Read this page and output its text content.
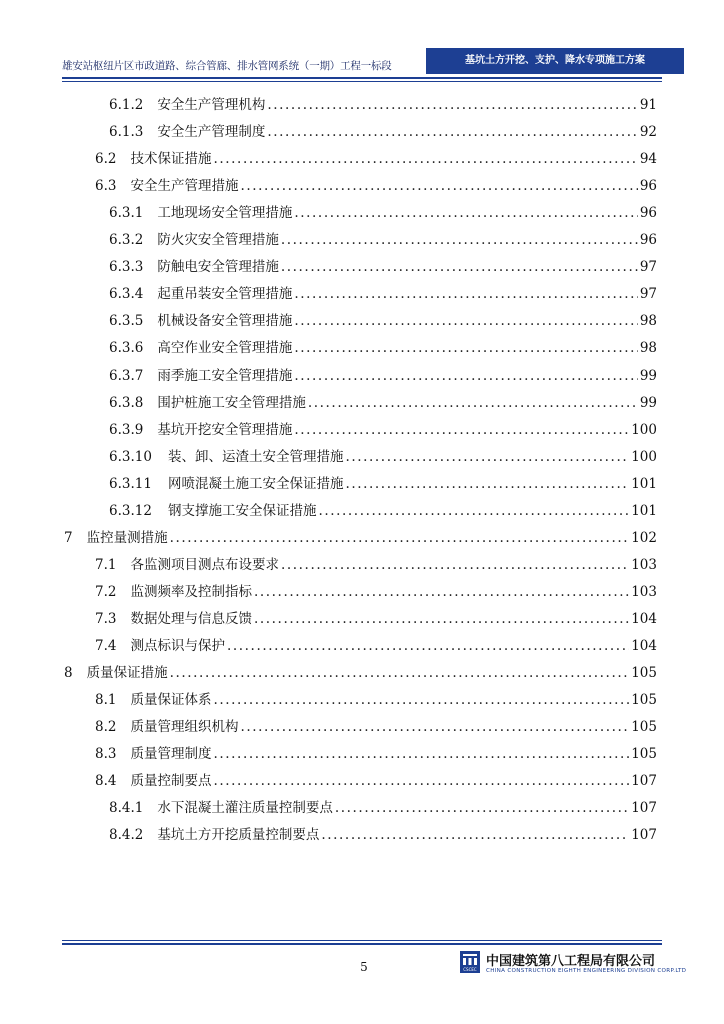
雄安站枢纽片区市政道路、综合管廊、排水管网系统（一期）工程一标段	基坑土方开挖、支护、降水专项施工方案
6.1.2 安全生产管理机构 .....	91
6.1.3 安全生产管理制度 .....	92
6.2 技术保证措施 .....	94
6.3 安全生产管理措施 .....	96
6.3.1 工地现场安全管理措施 .....	96
6.3.2 防火灾安全管理措施 .....	96
6.3.3 防触电安全管理措施 .....	97
6.3.4 起重吊装安全管理措施 .....	97
6.3.5 机械设备安全管理措施 .....	98
6.3.6 高空作业安全管理措施 .....	98
6.3.7 雨季施工安全管理措施 .....	99
6.3.8 围护桩施工安全管理措施 .....	99
6.3.9 基坑开挖安全管理措施 .....	100
6.3.10 装、卸、运渣土安全管理措施 .....	100
6.3.11 网喷混凝土施工安全保证措施 .....	101
6.3.12 钢支撑施工安全保证措施 .....	101
7 监控量测措施 .....	102
7.1 各监测项目测点布设要求 .....	103
7.2 监测频率及控制指标 .....	103
7.3 数据处理与信息反馈 .....	104
7.4 测点标识与保护 .....	104
8 质量保证措施 .....	105
8.1 质量保证体系 .....	105
8.2 质量管理组织机构 .....	105
8.3 质量管理制度 .....	105
8.4 质量控制要点 .....	107
8.4.1 水下混凝土灌注质量控制要点 .....	107
8.4.2 基坑土方开挖质量控制要点 .....	107
5	CSCEC
中国建筑第八工程局有限公司
CHINA CONSTRUCTION EIGHTH ENGINEERING DIVISION CORP.LTD
